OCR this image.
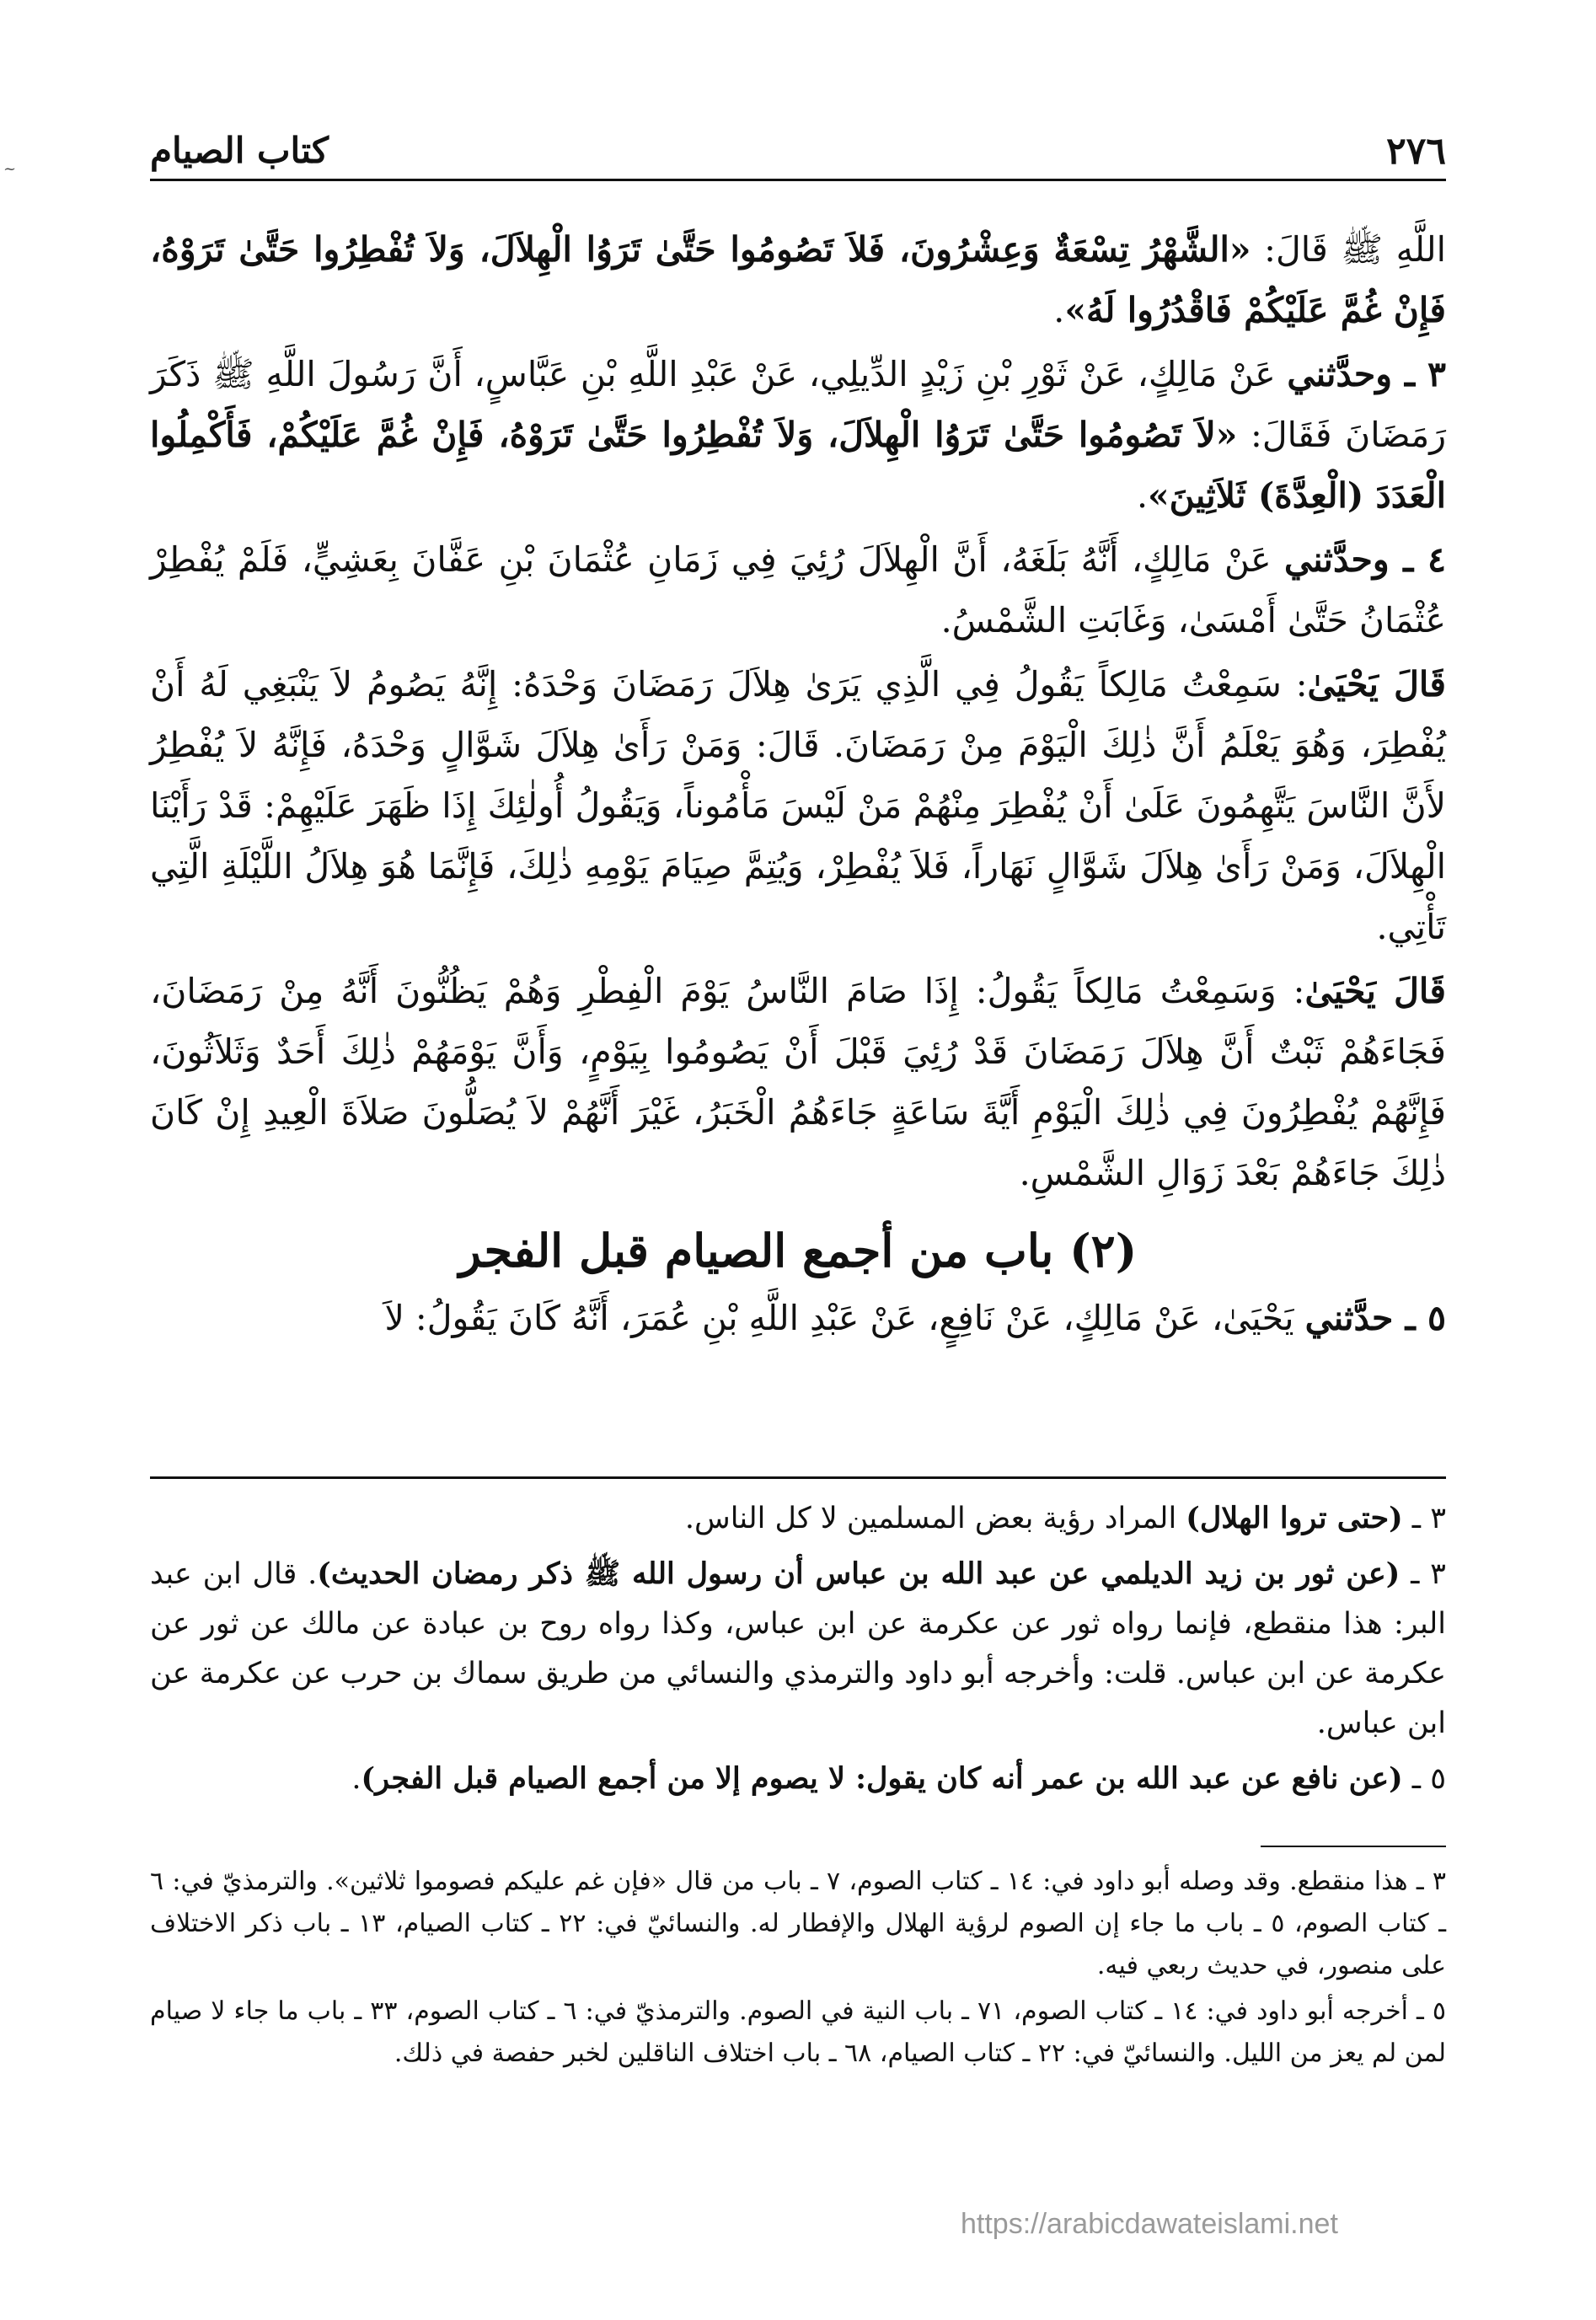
~	٢٧٦
كتاب الصيام

اللَّهِ ﷺ قَالَ: «الشَّهْرُ تِسْعَةٌ وَعِشْرُونَ، فَلاَ تَصُومُوا حَتَّىٰ تَرَوُا الْهِلاَلَ، وَلاَ تُفْطِرُوا حَتَّىٰ تَرَوْهُ، فَإِنْ غُمَّ عَلَيْكُمْ فَاقْدُرُوا لَهُ».

٣ ـ وحدَّثني عَنْ مَالِكٍ، عَنْ ثَوْرِ بْنِ زَيْدٍ الدِّيلِي، عَنْ عَبْدِ اللَّهِ بْنِ عَبَّاسٍ، أَنَّ رَسُولَ اللَّهِ ﷺ ذَكَرَ رَمَضَانَ فَقَالَ: «لاَ تَصُومُوا حَتَّىٰ تَرَوُا الْهِلاَلَ، وَلاَ تُفْطِرُوا حَتَّىٰ تَرَوْهُ، فَإِنْ غُمَّ عَلَيْكُمْ، فَأَكْمِلُوا الْعَدَدَ (الْعِدَّةَ) ثَلاَثِينَ».

٤ ـ وحدَّثني عَنْ مَالِكٍ، أَنَّهُ بَلَغَهُ، أَنَّ الْهِلاَلَ رُئِيَ فِي زَمَانِ عُثْمَانَ بْنِ عَفَّانَ بِعَشِيٍّ، فَلَمْ يُفْطِرْ عُثْمَانُ حَتَّىٰ أَمْسَىٰ، وَغَابَتِ الشَّمْسُ.

قَالَ يَحْيَىٰ: سَمِعْتُ مَالِكاً يَقُولُ فِي الَّذِي يَرَىٰ هِلاَلَ رَمَضَانَ وَحْدَهُ: إِنَّهُ يَصُومُ لاَ يَنْبَغِي لَهُ أَنْ يُفْطِرَ، وَهُوَ يَعْلَمُ أَنَّ ذٰلِكَ الْيَوْمَ مِنْ رَمَضَانَ. قَالَ: وَمَنْ رَأَىٰ هِلاَلَ شَوَّالٍ وَحْدَهُ، فَإِنَّهُ لاَ يُفْطِرُ لأَنَّ النَّاسَ يَتَّهِمُونَ عَلَىٰ أَنْ يُفْطِرَ مِنْهُمْ مَنْ لَيْسَ مَأْمُوناً، وَيَقُولُ أُولٰئِكَ إِذَا ظَهَرَ عَلَيْهِمْ: قَدْ رَأَيْنَا الْهِلاَلَ، وَمَنْ رَأَىٰ هِلاَلَ شَوَّالٍ نَهَاراً، فَلاَ يُفْطِرْ، وَيُتِمَّ صِيَامَ يَوْمِهِ ذٰلِكَ، فَإِنَّمَا هُوَ هِلاَلُ اللَّيْلَةِ الَّتِي تَأْتِي.

قَالَ يَحْيَىٰ: وَسَمِعْتُ مَالِكاً يَقُولُ: إِذَا صَامَ النَّاسُ يَوْمَ الْفِطْرِ وَهُمْ يَظُنُّونَ أَنَّهُ مِنْ رَمَضَانَ، فَجَاءَهُمْ ثَبْتٌ أَنَّ هِلاَلَ رَمَضَانَ قَدْ رُئِيَ قَبْلَ أَنْ يَصُومُوا بِيَوْمٍ، وَأَنَّ يَوْمَهُمْ ذٰلِكَ أَحَدٌ وَثَلاَثُونَ، فَإِنَّهُمْ يُفْطِرُونَ فِي ذٰلِكَ الْيَوْمِ أَيَّةَ سَاعَةٍ جَاءَهُمُ الْخَبَرُ، غَيْرَ أَنَّهُمْ لاَ يُصَلُّونَ صَلاَةَ الْعِيدِ إِنْ كَانَ ذٰلِكَ جَاءَهُمْ بَعْدَ زَوَالِ الشَّمْسِ.

(٢) باب من أجمع الصيام قبل الفجر

٥ ـ حدَّثني يَحْيَىٰ، عَنْ مَالِكٍ، عَنْ نَافِعٍ، عَنْ عَبْدِ اللَّهِ بْنِ عُمَرَ، أَنَّهُ كَانَ يَقُولُ: لاَ

٣ ـ (حتى تروا الهلال) المراد رؤية بعض المسلمين لا كل الناس.

٣ ـ (عن ثور بن زيد الديلمي عن عبد الله بن عباس أن رسول الله ﷺ ذكر رمضان الحديث). قال ابن عبد البر: هذا منقطع، فإنما رواه ثور عن عكرمة عن ابن عباس، وكذا رواه روح بن عبادة عن مالك عن ثور عن عكرمة عن ابن عباس. قلت: وأخرجه أبو داود والترمذي والنسائي من طريق سماك بن حرب عن عكرمة عن ابن عباس.

٥ ـ (عن نافع عن عبد الله بن عمر أنه كان يقول: لا يصوم إلا من أجمع الصيام قبل الفجر).

٣ ـ هذا منقطع. وقد وصله أبو داود في: ١٤ ـ كتاب الصوم، ٧ ـ باب من قال «فإن غم عليكم فصوموا ثلاثين». والترمذيّ في: ٦ ـ كتاب الصوم، ٥ ـ باب ما جاء إن الصوم لرؤية الهلال والإفطار له. والنسائيّ في: ٢٢ ـ كتاب الصيام، ١٣ ـ باب ذكر الاختلاف على منصور، في حديث ربعي فيه.

٥ ـ أخرجه أبو داود في: ١٤ ـ كتاب الصوم، ٧١ ـ باب النية في الصوم. والترمذيّ في: ٦ ـ كتاب الصوم، ٣٣ ـ باب ما جاء لا صيام لمن لم يعز من الليل. والنسائيّ في: ٢٢ ـ كتاب الصيام، ٦٨ ـ باب اختلاف الناقلين لخبر حفصة في ذلك.

https://arabicdawateislami.net
